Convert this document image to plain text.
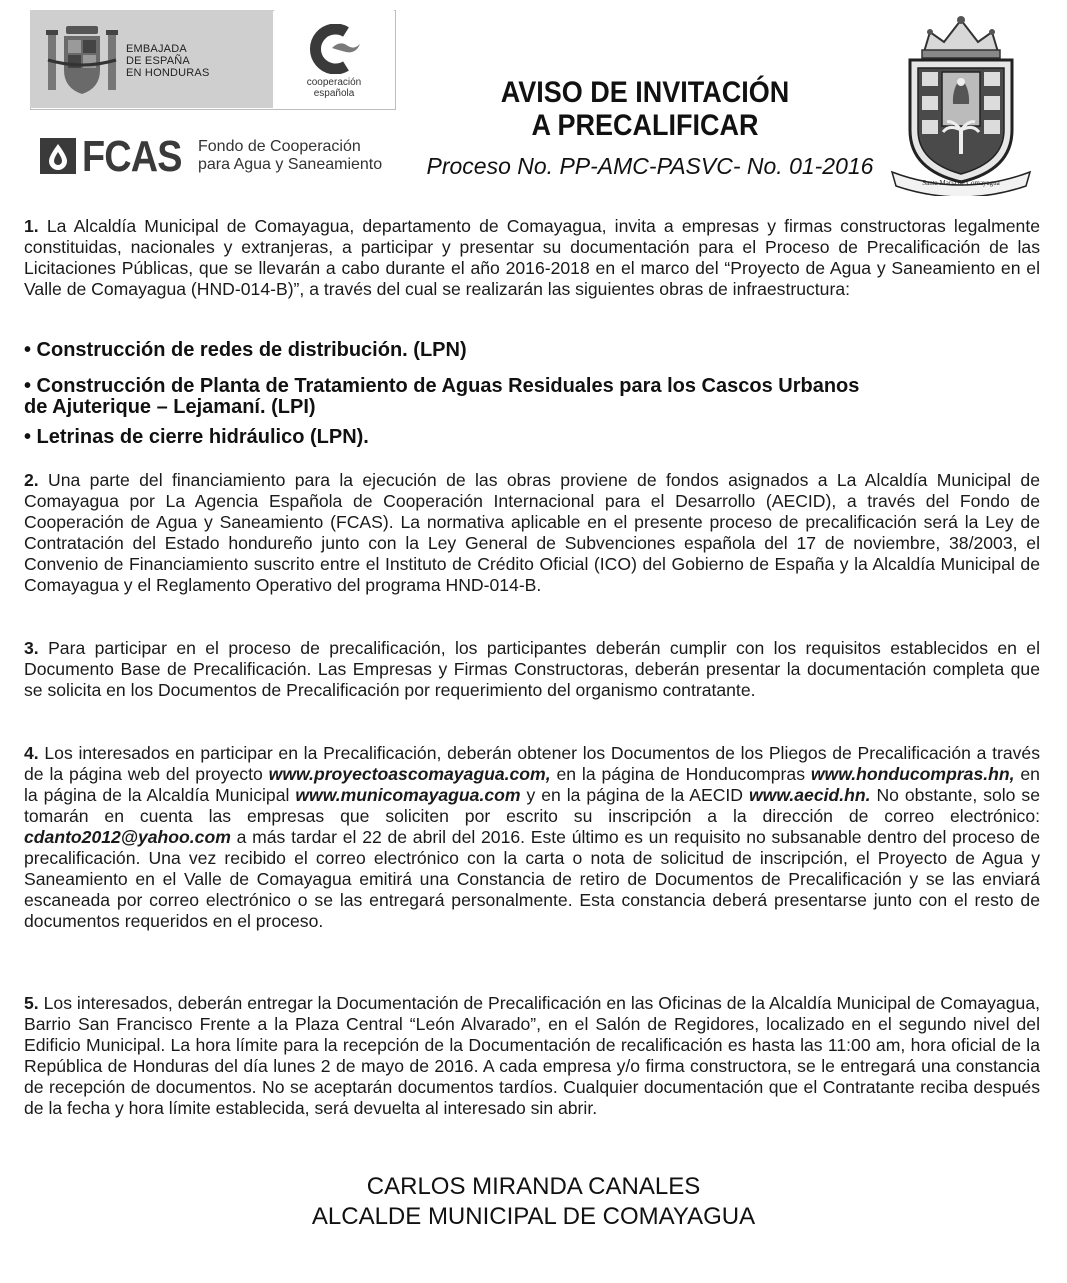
EMBAJADA
DE ESPAÑA
EN HONDURAS
cooperación
española
FCAS Fondo de Cooperación
para Agua y Saneamiento
AVISO DE INVITACIÓN
A PRECALIFICAR
Proceso No. PP-AMC-PASVC- No. 01-2016
Santa María de Comayagua
1. La Alcaldía Municipal de Comayagua, departamento de Comayagua, invita a empresas y firmas constructoras legalmente constituidas, nacionales y extranjeras, a participar y presentar su documentación para el Proceso de Precalificación de las Licitaciones Públicas, que se llevarán a cabo durante el año 2016-2018 en el marco del “Proyecto de Agua y Saneamiento en el Valle de Comayagua (HND-014-B)”, a través del cual se realizarán las siguientes obras de infraestructura:
• Construcción de redes de distribución. (LPN)
• Construcción de Planta de Tratamiento de Aguas Residuales para los Cascos Urbanos
de Ajuterique – Lejamaní. (LPI)
• Letrinas de cierre hidráulico (LPN).
2. Una parte del financiamiento para la ejecución de las obras proviene de fondos asignados a La Alcaldía Municipal de Comayagua por La Agencia Española de Cooperación Internacional para el Desarrollo (AECID), a través del Fondo de Cooperación de Agua y Saneamiento (FCAS). La normativa aplicable en el presente proceso de precalificación será la Ley de Contratación del Estado hondureño junto con la Ley General de Subvenciones española del 17 de noviembre, 38/2003, el Convenio de Financiamiento suscrito entre el Instituto de Crédito Oficial (ICO) del Gobierno de España y la Alcaldía Municipal de Comayagua y el Reglamento Operativo del programa HND-014-B.
3. Para participar en el proceso de precalificación, los participantes deberán cumplir con los requisitos establecidos en el Documento Base de Precalificación. Las Empresas y Firmas Constructoras, deberán presentar la documentación completa que se solicita en los Documentos de Precalificación por requerimiento del organismo contratante.
4. Los interesados en participar en la Precalificación, deberán obtener los Documentos de los Pliegos de Precalificación a través de la página web del proyecto www.proyectoascomayagua.com, en la página de Honducompras www.honducompras.hn, en la página de la Alcaldía Municipal www.municomayagua.com y en la página de la AECID www.aecid.hn. No obstante, solo se tomarán en cuenta las empresas que soliciten por escrito su inscripción a la dirección de correo electrónico: cdanto2012@yahoo.com a más tardar el 22 de abril del 2016. Este último es un requisito no subsanable dentro del proceso de precalificación. Una vez recibido el correo electrónico con la carta o nota de solicitud de inscripción, el Proyecto de Agua y Saneamiento en el Valle de Comayagua emitirá una Constancia de retiro de Documentos de Precalificación y se las enviará escaneada por correo electrónico o se las entregará personalmente. Esta constancia deberá presentarse junto con el resto de documentos requeridos en el proceso.
5. Los interesados, deberán entregar la Documentación de Precalificación en las Oficinas de la Alcaldía Municipal de Comayagua, Barrio San Francisco Frente a la Plaza Central “León Alvarado”, en el Salón de Regidores, localizado en el segundo nivel del Edificio Municipal. La hora límite para la recepción de la Documentación de recalificación es hasta las 11:00 am, hora oficial de la República de Honduras del día lunes 2 de mayo de 2016. A cada empresa y/o firma constructora, se le entregará una constancia de recepción de documentos. No se aceptarán documentos tardíos. Cualquier documentación que el Contratante reciba después de la fecha y hora límite establecida, será devuelta al interesado sin abrir.
CARLOS MIRANDA CANALES
ALCALDE MUNICIPAL DE COMAYAGUA
